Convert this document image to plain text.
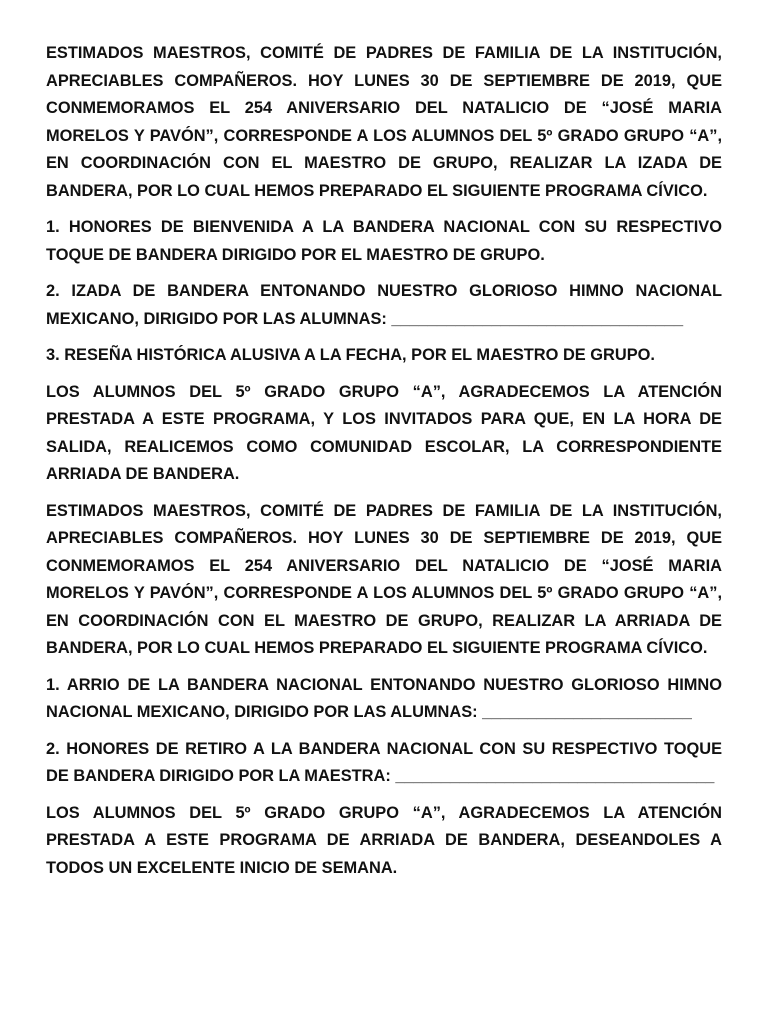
ESTIMADOS MAESTROS, COMITÉ DE PADRES DE FAMILIA DE LA INSTITUCIÓN, APRECIABLES COMPAÑEROS. HOY LUNES 30 DE SEPTIEMBRE DE 2019, QUE CONMEMORAMOS EL 254 ANIVERSARIO DEL NATALICIO DE “JOSÉ MARIA MORELOS Y PAVÓN”, CORRESPONDE A LOS ALUMNOS DEL 5º GRADO GRUPO “A”, EN COORDINACIÓN CON EL MAESTRO DE GRUPO, REALIZAR LA IZADA DE BANDERA, POR LO CUAL HEMOS PREPARADO EL SIGUIENTE PROGRAMA CÍVICO.

1. HONORES DE BIENVENIDA A LA BANDERA NACIONAL CON SU RESPECTIVO TOQUE DE BANDERA DIRIGIDO POR EL MAESTRO DE GRUPO.

2. IZADA DE BANDERA ENTONANDO NUESTRO GLORIOSO HIMNO NACIONAL MEXICANO, DIRIGIDO POR LAS ALUMNAS: ________________________________

3. RESEÑA HISTÓRICA ALUSIVA A LA FECHA, POR EL MAESTRO DE GRUPO.

LOS ALUMNOS DEL 5º GRADO GRUPO “A”, AGRADECEMOS LA ATENCIÓN PRESTADA A ESTE PROGRAMA, Y LOS INVITADOS PARA QUE, EN LA HORA DE SALIDA, REALICEMOS COMO COMUNIDAD ESCOLAR, LA CORRESPONDIENTE ARRIADA DE BANDERA.

ESTIMADOS MAESTROS, COMITÉ DE PADRES DE FAMILIA DE LA INSTITUCIÓN, APRECIABLES COMPAÑEROS. HOY LUNES 30 DE SEPTIEMBRE DE 2019, QUE CONMEMORAMOS EL 254 ANIVERSARIO DEL NATALICIO DE “JOSÉ MARIA MORELOS Y PAVÓN”, CORRESPONDE A LOS ALUMNOS DEL 5º GRADO GRUPO “A”, EN COORDINACIÓN CON EL MAESTRO DE GRUPO, REALIZAR LA ARRIADA DE BANDERA, POR LO CUAL HEMOS PREPARADO EL SIGUIENTE PROGRAMA CÍVICO.

1. ARRIO DE LA BANDERA NACIONAL ENTONANDO NUESTRO GLORIOSO HIMNO NACIONAL MEXICANO, DIRIGIDO POR LAS ALUMNAS: _______________________

2. HONORES DE RETIRO A LA BANDERA NACIONAL CON SU RESPECTIVO TOQUE DE BANDERA DIRIGIDO POR LA MAESTRA: ___________________________________

LOS ALUMNOS DEL 5º GRADO GRUPO “A”, AGRADECEMOS LA ATENCIÓN PRESTADA A ESTE PROGRAMA DE ARRIADA DE BANDERA, DESEANDOLES A TODOS UN EXCELENTE INICIO DE SEMANA.
